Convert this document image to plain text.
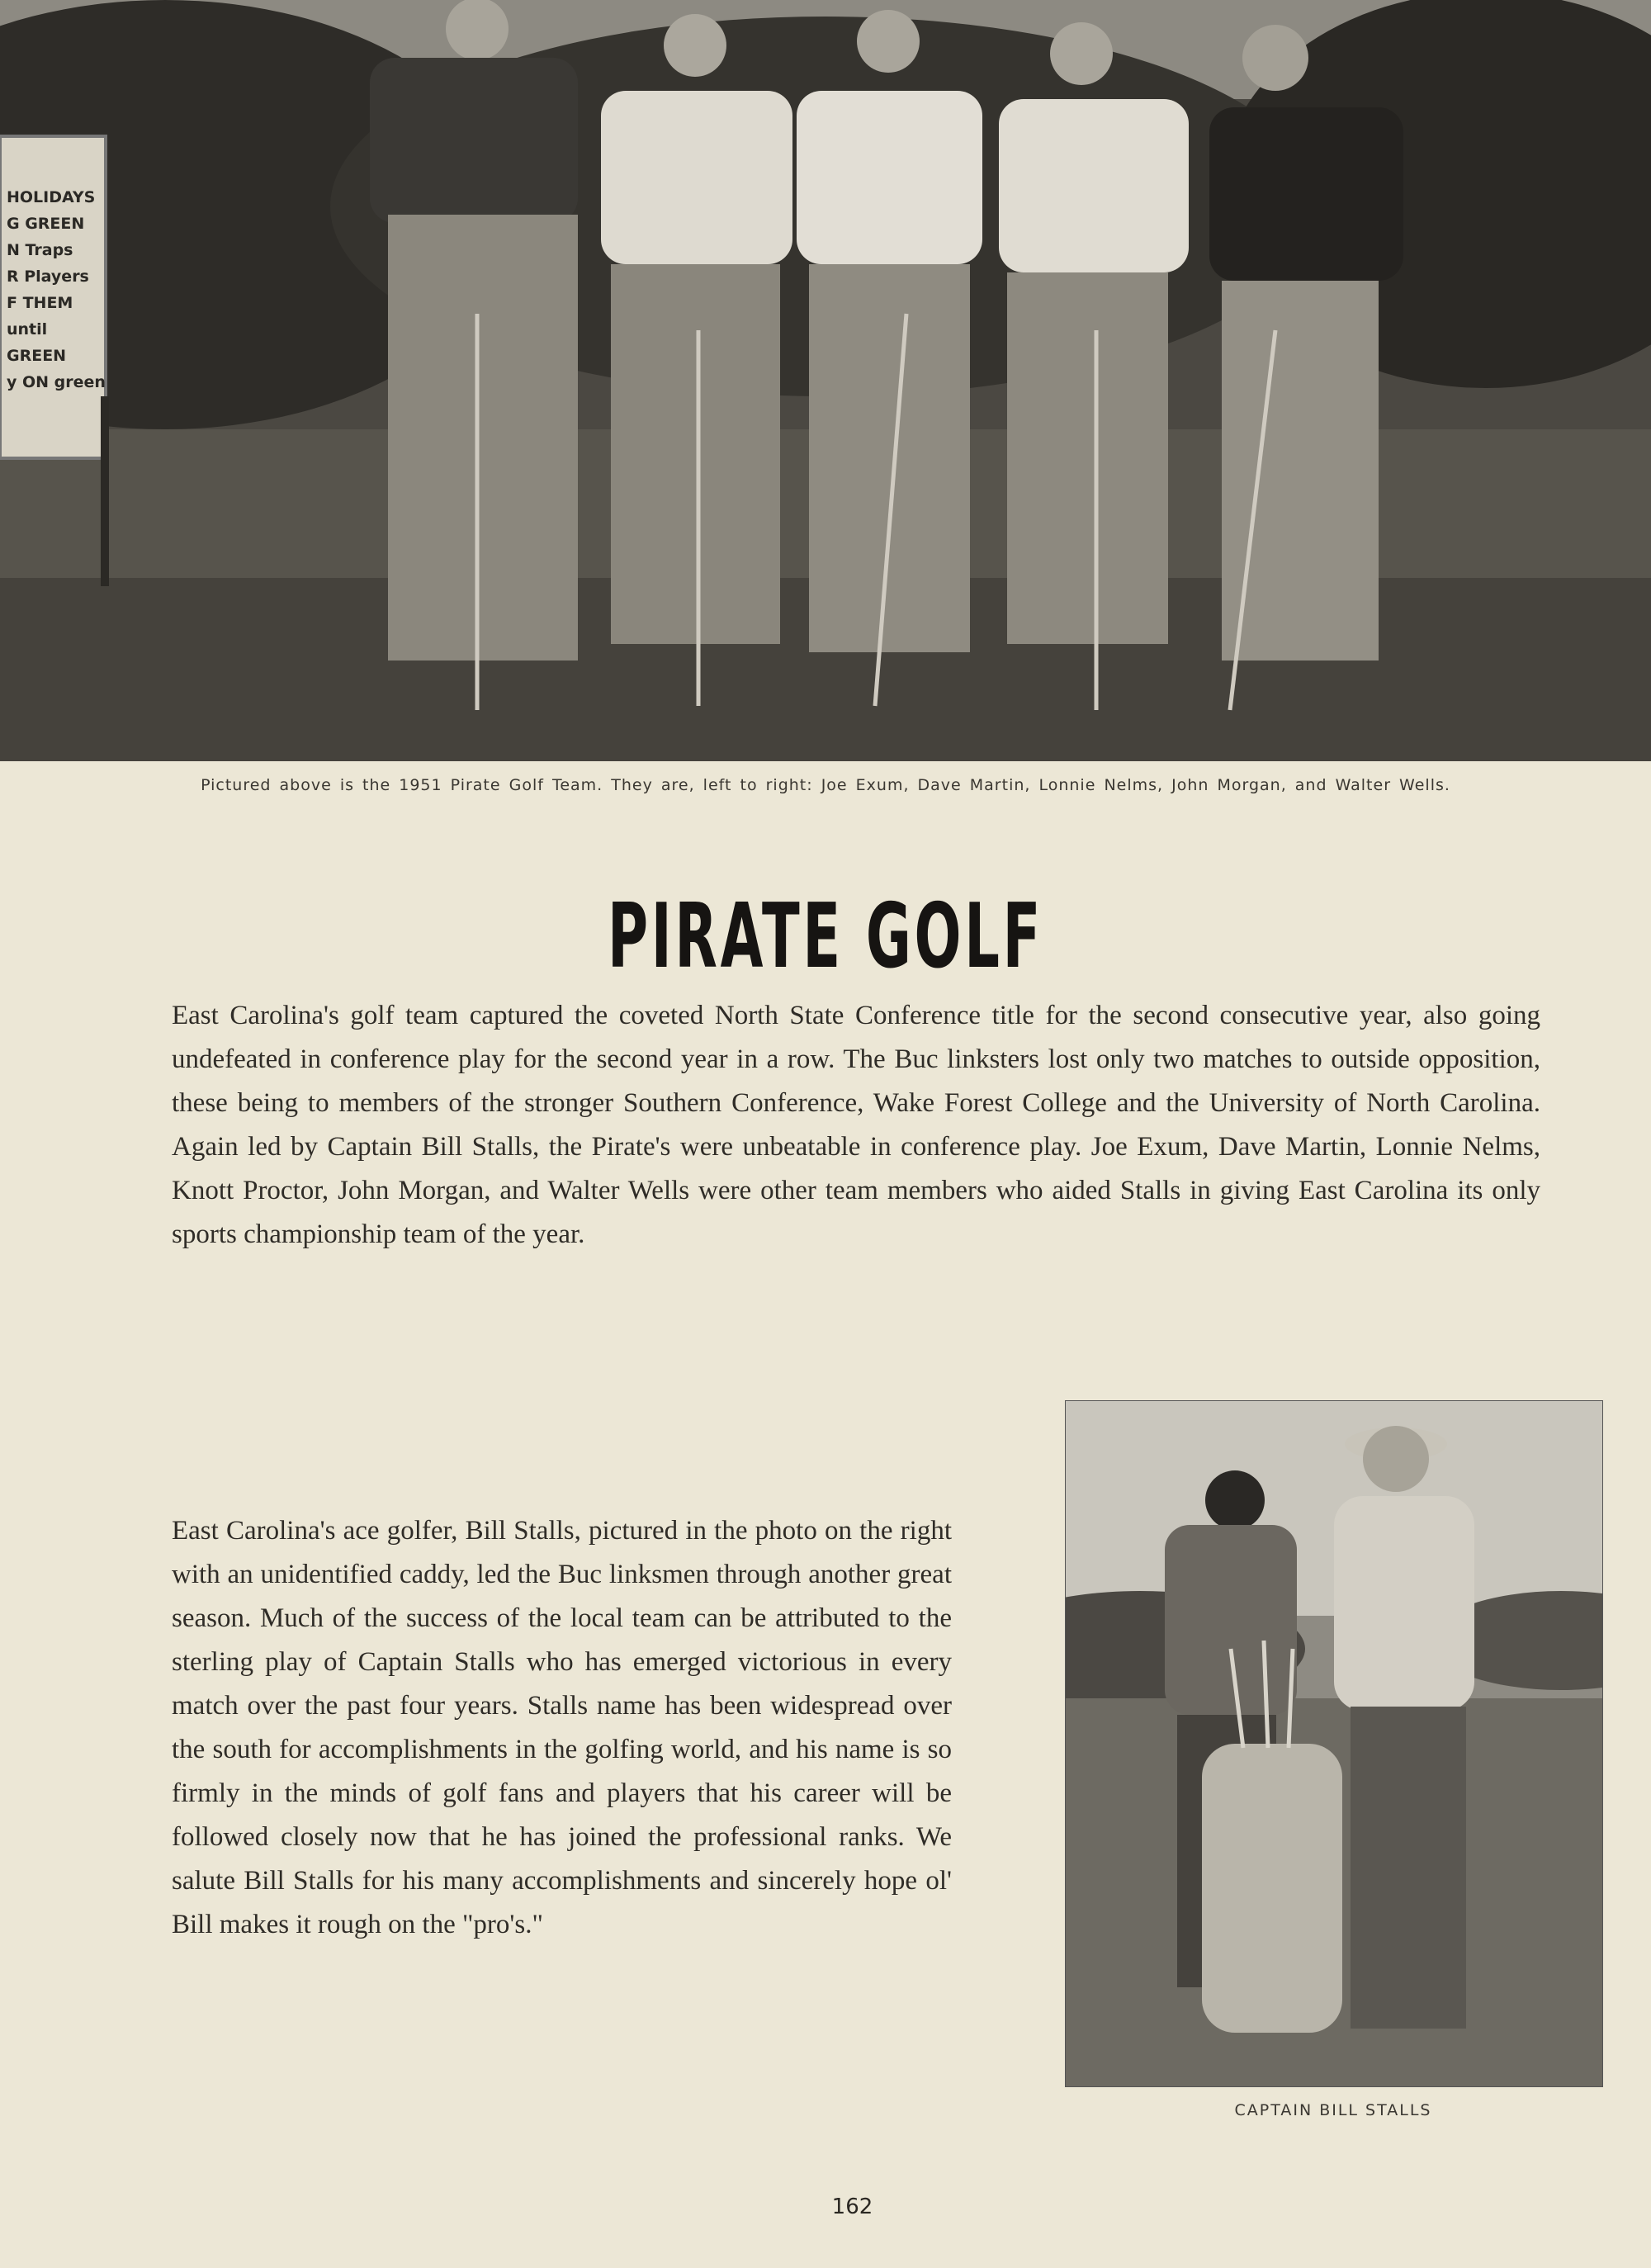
HOLIDAYS
G GREEN
N Traps
R Players
F THEM
until
GREEN
y ON green
Pictured above is the 1951 Pirate Golf Team. They are, left to right: Joe Exum, Dave Martin, Lonnie Nelms, John Morgan, and Walter Wells.
PIRATE GOLF

East Carolina's golf team captured the coveted North State Conference title for the second consecutive year, also going undefeated in conference play for the second year in a row. The Buc linksters lost only two matches to outside opposition, these being to members of the stronger Southern Conference, Wake Forest College and the University of North Carolina. Again led by Captain Bill Stalls, the Pirate's were unbeatable in conference play. Joe Exum, Dave Martin, Lonnie Nelms, Knott Proctor, John Morgan, and Walter Wells were other team members who aided Stalls in giving East Carolina its only sports championship team of the year.

East Carolina's ace golfer, Bill Stalls, pictured in the photo on the right with an unidentified caddy, led the Buc linksmen through another great season. Much of the success of the local team can be attributed to the sterling play of Captain Stalls who has emerged victorious in every match over the past four years. Stalls name has been widespread over the south for accomplishments in the golfing world, and his name is so firmly in the minds of golf fans and players that his career will be followed closely now that he has joined the professional ranks. We salute Bill Stalls for his many accomplishments and sincerely hope ol' Bill makes it rough on the "pro's."

CAPTAIN BILL STALLS
162
